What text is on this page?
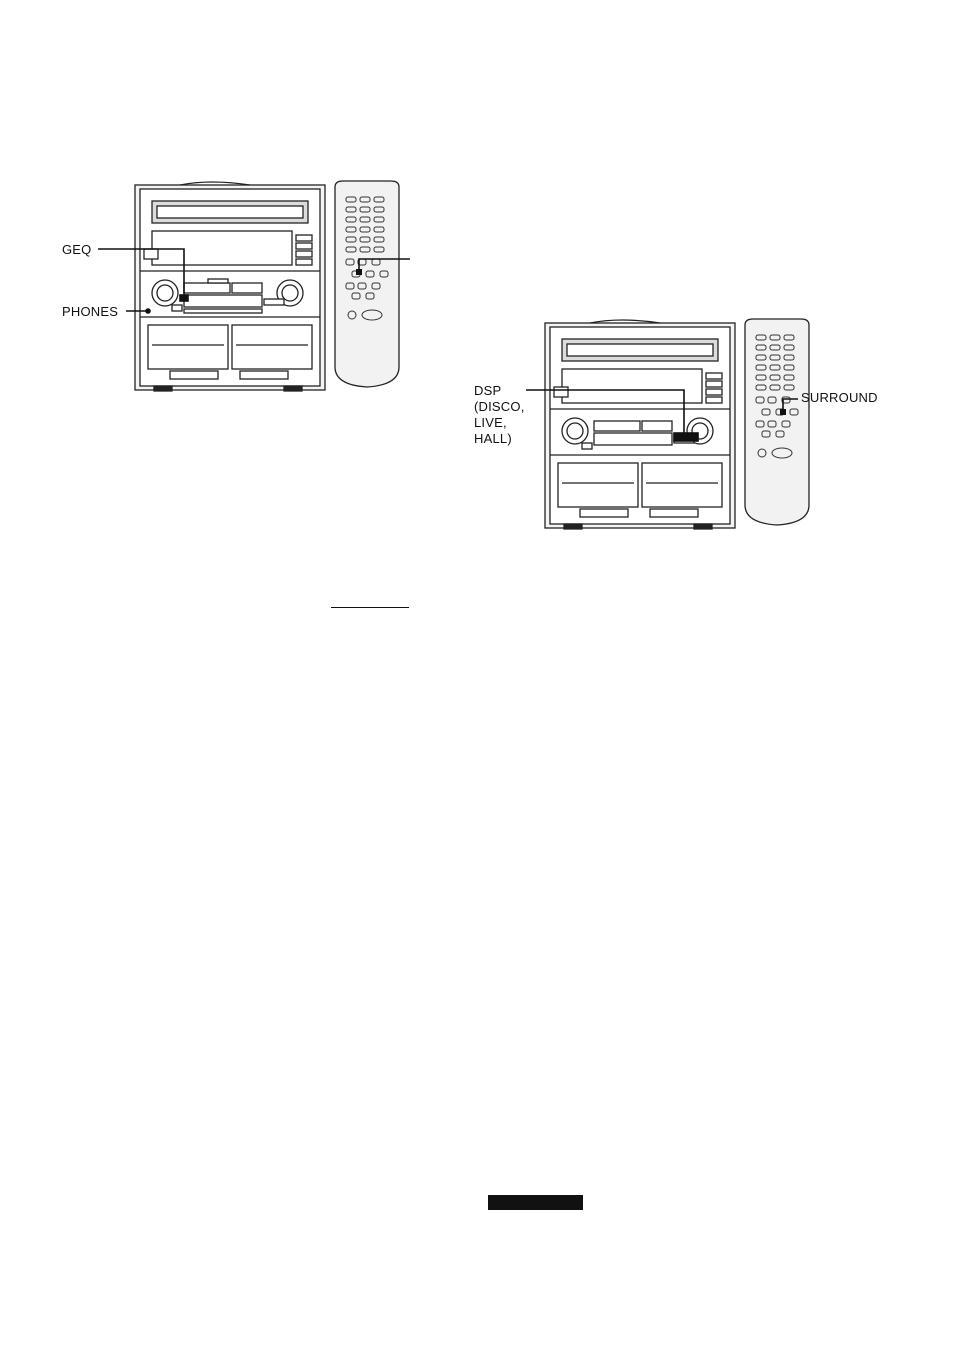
GEQ
PHONES
DSP
(DISCO,
LIVE,
HALL)
SURROUND
